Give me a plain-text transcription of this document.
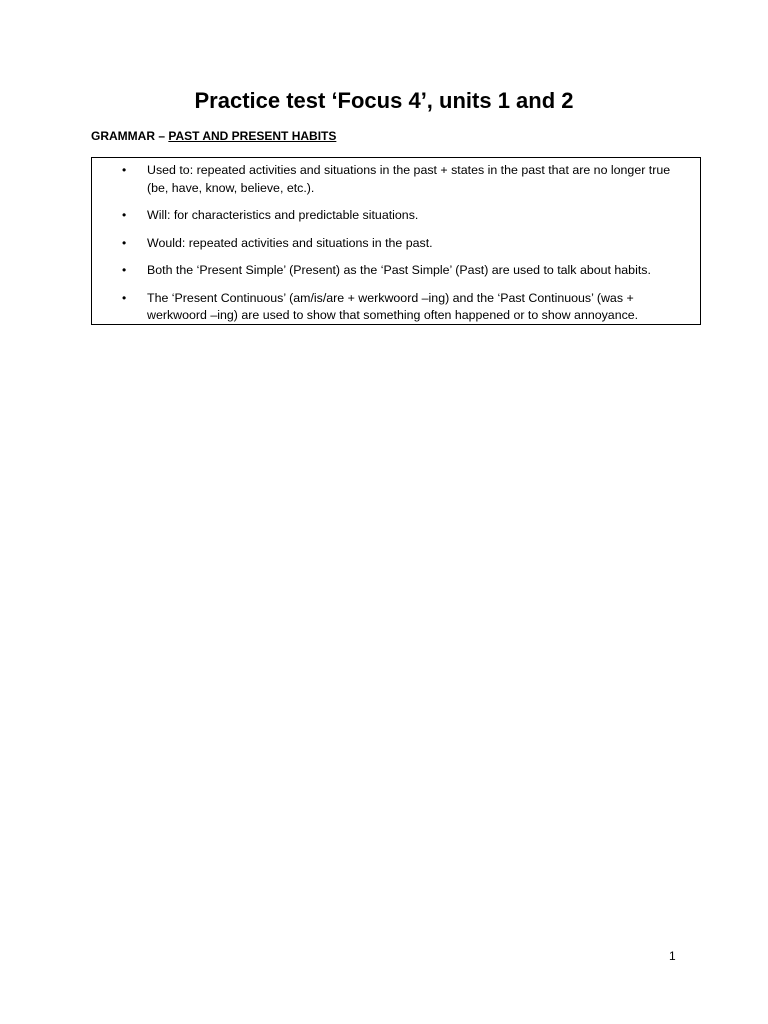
Practice test ‘Focus 4’, units 1 and 2
GRAMMAR – PAST AND PRESENT HABITS
• Used to: repeated activities and situations in the past + states in the past that are no longer true (be, have, know, believe, etc.).
• Will: for characteristics and predictable situations.
• Would: repeated activities and situations in the past.
• Both the ‘Present Simple’ (Present) as the ‘Past Simple’ (Past) are used to talk about habits.
• The ‘Present Continuous’ (am/is/are + werkwoord –ing) and the ‘Past Continuous’ (was + werkwoord –ing) are used to show that something often happened or to show annoyance.
1
